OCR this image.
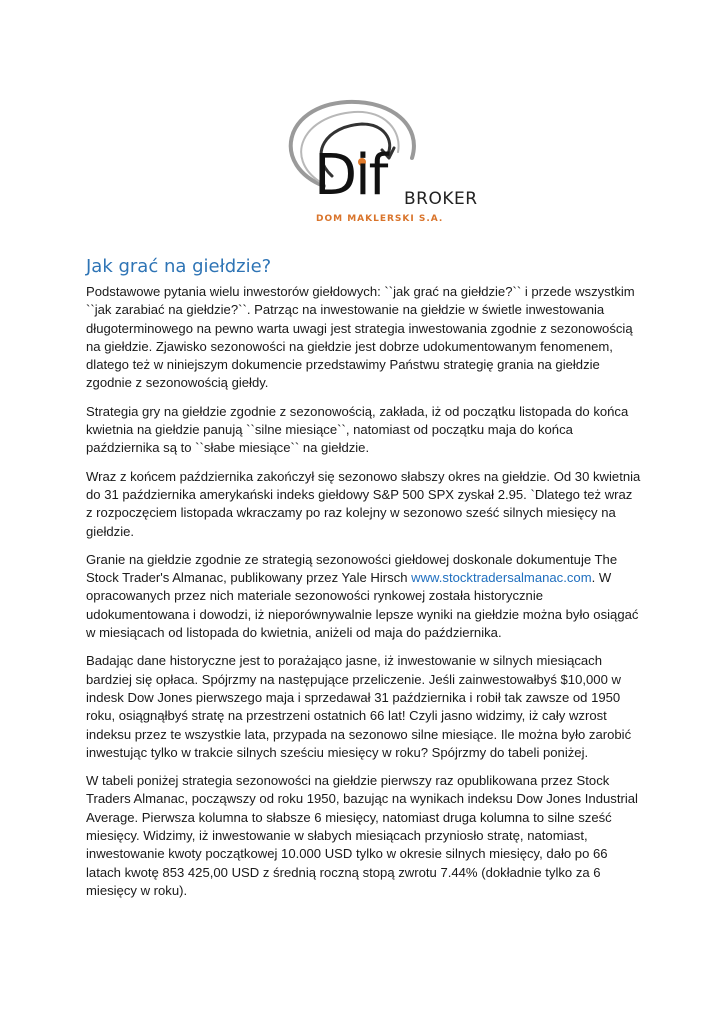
Dif BROKER
DOM MAKLERSKI S.A.
Jak grać na giełdzie?

Podstawowe pytania wielu inwestorów giełdowych: ``jak grać na giełdzie?`` i przede wszystkim ``jak zarabiać na giełdzie?``. Patrząc na inwestowanie na giełdzie w świetle inwestowania długoterminowego na pewno warta uwagi jest strategia inwestowania zgodnie z sezonowością na giełdzie. Zjawisko sezonowości na giełdzie jest dobrze udokumentowanym fenomenem, dlatego też w niniejszym dokumencie przedstawimy Państwu strategię grania na giełdzie zgodnie z sezonowością giełdy.

Strategia gry na giełdzie zgodnie z sezonowością, zakłada, iż od początku listopada do końca kwietnia na giełdzie panują ``silne miesiące``, natomiast od początku maja do końca października są to ``słabe miesiące`` na giełdzie.

Wraz z końcem października zakończył się sezonowo słabszy okres na giełdzie. Od 30 kwietnia do 31 października amerykański indeks giełdowy S&P 500 SPX zyskał 2.95. `Dlatego też wraz z rozpoczęciem listopada wkraczamy po raz kolejny w sezonowo sześć silnych miesięcy na giełdzie.

Granie na giełdzie zgodnie ze strategią sezonowości giełdowej doskonale dokumentuje The Stock Trader's Almanac, publikowany przez Yale Hirsch www.stocktradersalmanac.com. W opracowanych przez nich materiale sezonowości rynkowej została historycznie udokumentowana i dowodzi, iż nieporównywalnie lepsze wyniki na giełdzie można było osiągać w miesiącach od listopada do kwietnia, aniżeli od maja do października.

Badając dane historyczne jest to porażająco jasne, iż inwestowanie w silnych miesiącach bardziej się opłaca. Spójrzmy na następujące przeliczenie. Jeśli zainwestowałbyś $10,000 w indesk Dow Jones pierwszego maja i sprzedawał 31 października i robił tak zawsze od 1950 roku, osiągnąłbyś stratę na przestrzeni ostatnich 66 lat! Czyli jasno widzimy, iż cały wzrost indeksu przez te wszystkie lata, przypada na sezonowo silne miesiące. Ile można było zarobić inwestując tylko w trakcie silnych sześciu miesięcy w roku? Spójrzmy do tabeli poniżej.

W tabeli poniżej strategia sezonowości na giełdzie pierwszy raz opublikowana przez Stock Traders Almanac, począwszy od roku 1950, bazując na wynikach indeksu Dow Jones Industrial Average. Pierwsza kolumna to słabsze 6 miesięcy, natomiast druga kolumna to silne sześć miesięcy. Widzimy, iż inwestowanie w słabych miesiącach przyniosło stratę, natomiast, inwestowanie kwoty początkowej 10.000 USD tylko w okresie silnych miesięcy, dało po 66 latach kwotę 853 425,00 USD z średnią roczną stopą zwrotu 7.44% (dokładnie tylko za 6 miesięcy w roku).
